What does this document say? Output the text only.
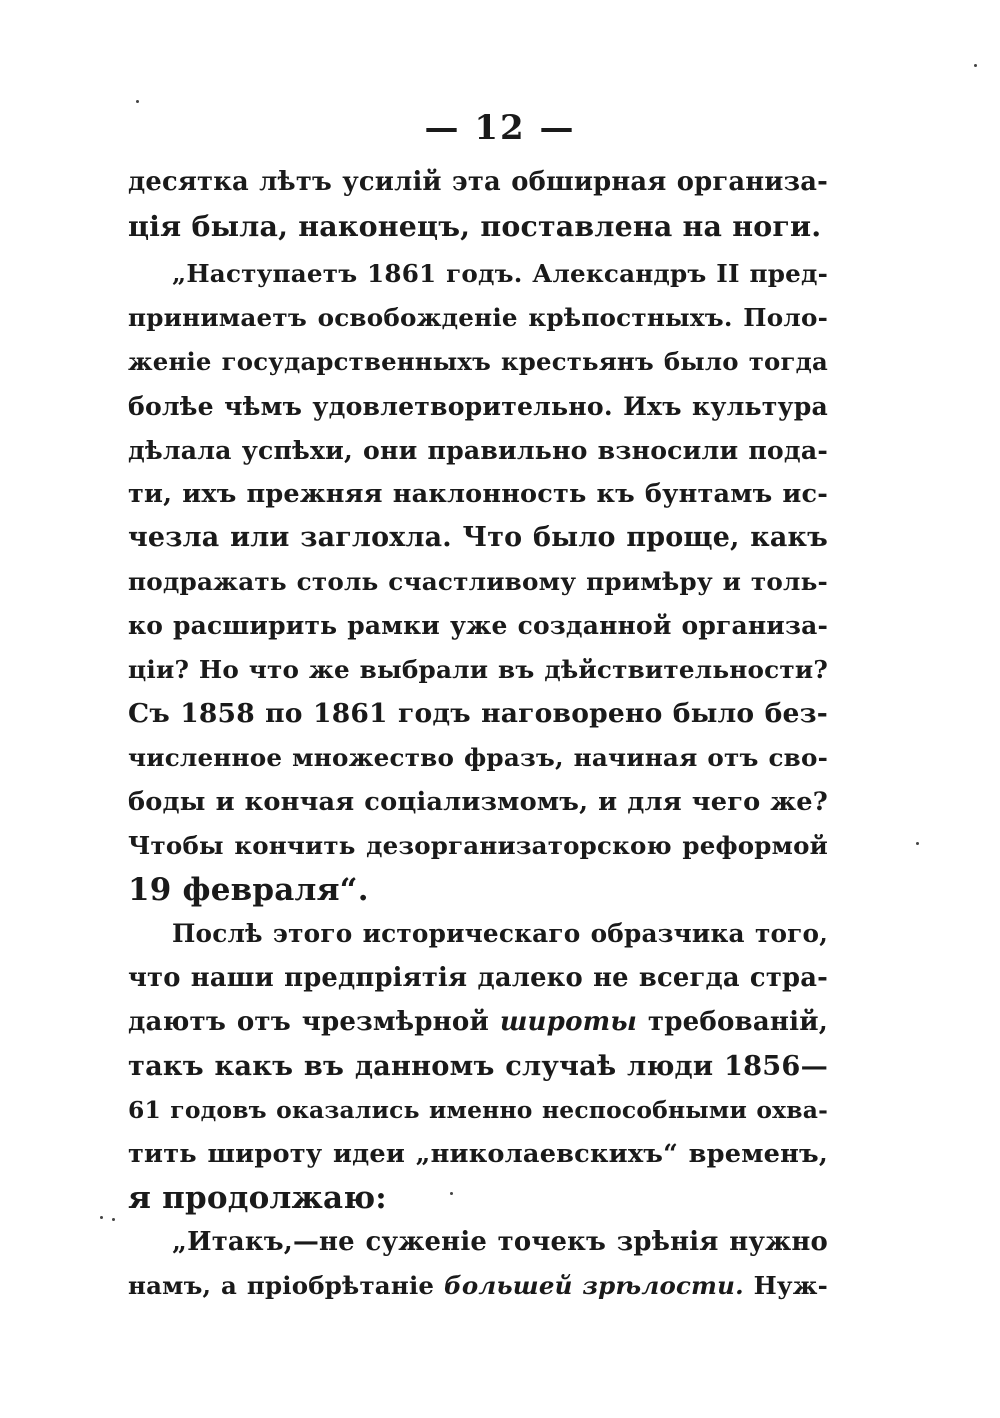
— 12 —
десятка лѣтъ усилій эта обширная организа-
ція была, наконецъ, поставлена на ноги.
„Наступаетъ 1861 годъ. Александръ II пред-
принимаетъ освобожденіе крѣпостныхъ. Поло-
женіе государственныхъ крестьянъ было тогда
болѣе чѣмъ удовлетворительно. Ихъ культура
дѣлала успѣхи, они правильно взносили пода-
ти, ихъ прежняя наклонность къ бунтамъ ис-
чезла или заглохла. Что было проще, какъ
подражать столь счастливому примѣру и толь-
ко расширить рамки уже созданной организа-
ціи? Но что же выбрали въ дѣйствительности?
Съ 1858 по 1861 годъ наговорено было без-
численное множество фразъ, начиная отъ сво-
боды и кончая соціализмомъ, и для чего же?
Чтобы кончить дезорганизаторскою реформой
19 февраля“.
Послѣ этого историческаго образчика того,
что наши предпріятія далеко не всегда стра-
даютъ отъ чрезмѣрной широты требованій,
такъ какъ въ данномъ случаѣ люди 1856—
61 годовъ оказались именно неспособными охва-
тить широту идеи „николаевскихъ“ временъ,
я продолжаю:
„Итакъ,—не суженіе точекъ зрѣнія нужно
намъ, а пріобрѣтаніе большей зрѣлости. Нуж-
